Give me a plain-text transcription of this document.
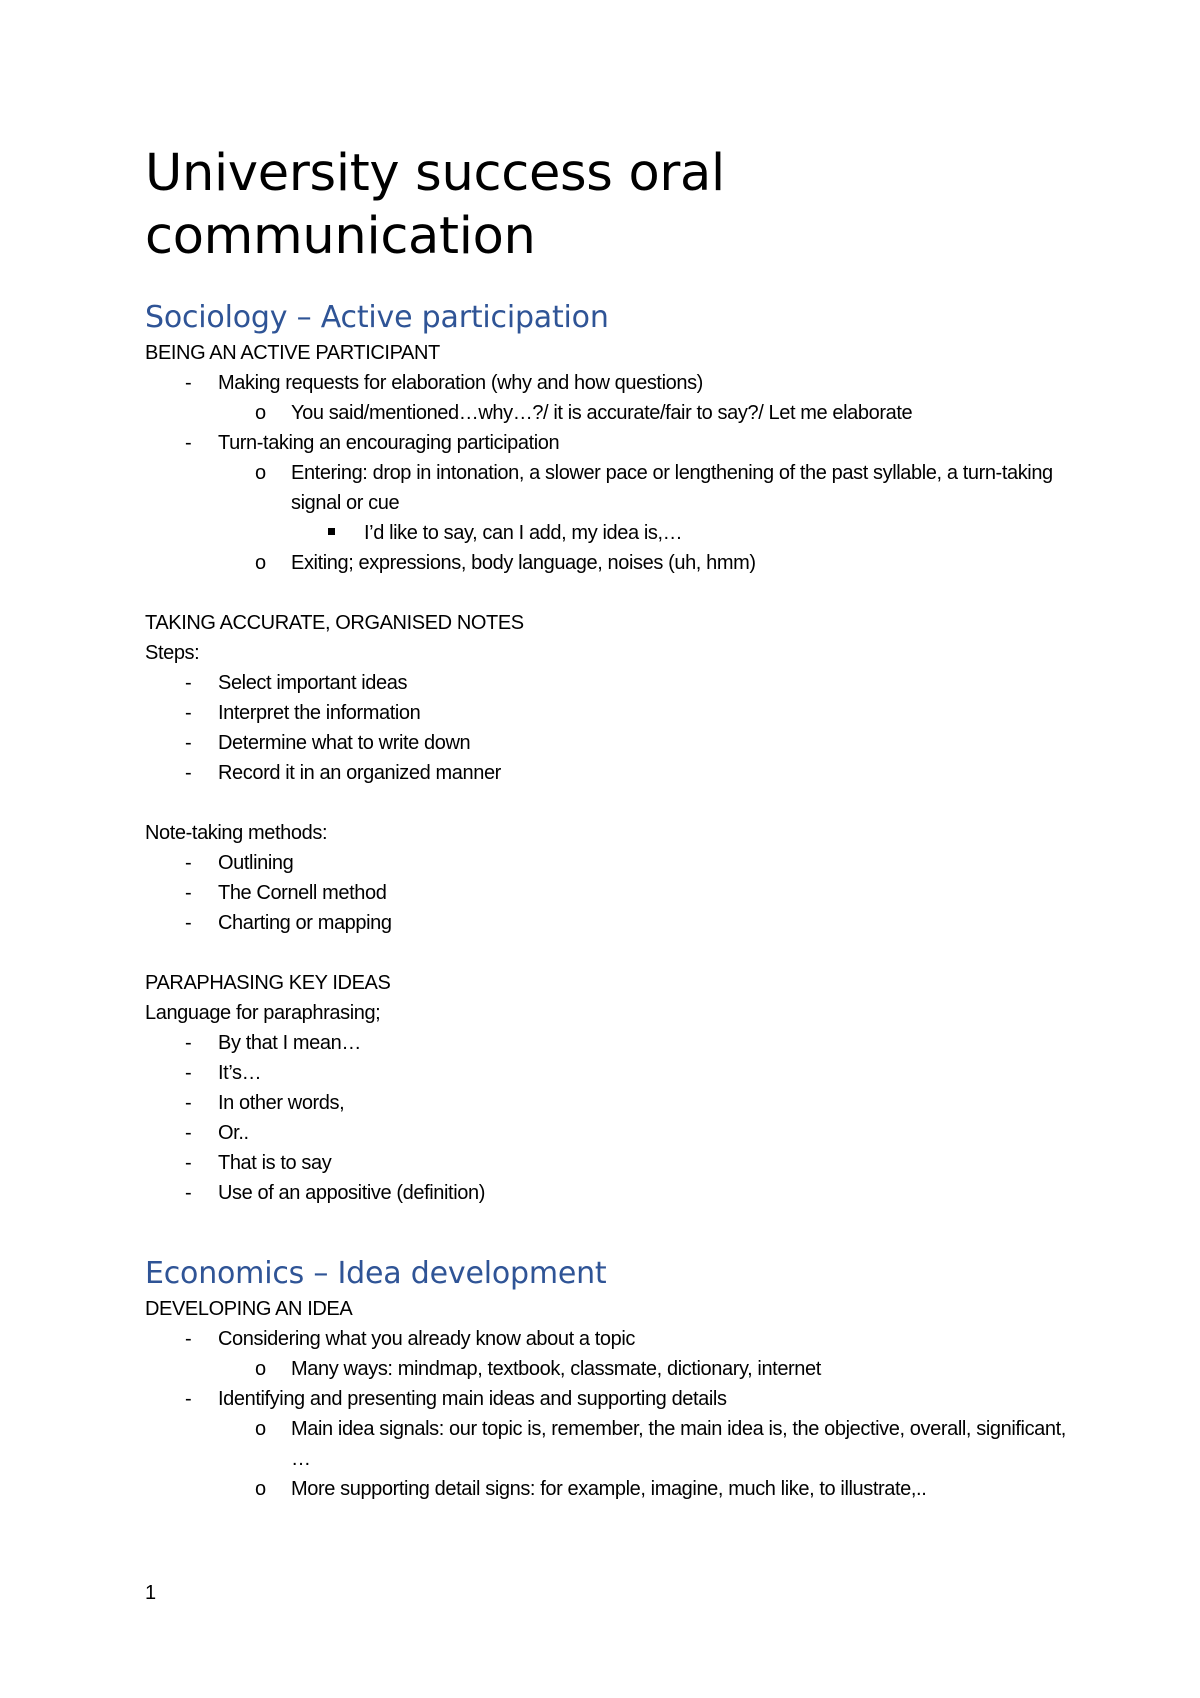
University success oral communication
Sociology – Active participation

BEING AN ACTIVE PARTICIPANT

- Making requests for elaboration (why and how questions)

o You said/mentioned…why…?/ it is accurate/fair to say?/ Let me elaborate

- Turn-taking an encouraging participation

o Entering: drop in intonation, a slower pace or lengthening of the past syllable, a turn-taking signal or cue

I’d like to say, can I add, my idea is,…

o Exiting; expressions, body language, noises (uh, hmm)

TAKING ACCURATE, ORGANISED NOTES

Steps:

- Select important ideas

- Interpret the information

- Determine what to write down

- Record it in an organized manner

Note-taking methods:

- Outlining

- The Cornell method

- Charting or mapping

PARAPHASING KEY IDEAS

Language for paraphrasing;

- By that I mean…

- It’s…

- In other words,

- Or..

- That is to say

- Use of an appositive (definition)

Economics – Idea development

DEVELOPING AN IDEA

- Considering what you already know about a topic

o Many ways: mindmap, textbook, classmate, dictionary, internet

- Identifying and presenting main ideas and supporting details

o Main idea signals: our topic is, remember, the main idea is, the objective, overall, significant, …

o More supporting detail signs: for example, imagine, much like, to illustrate,..

1
